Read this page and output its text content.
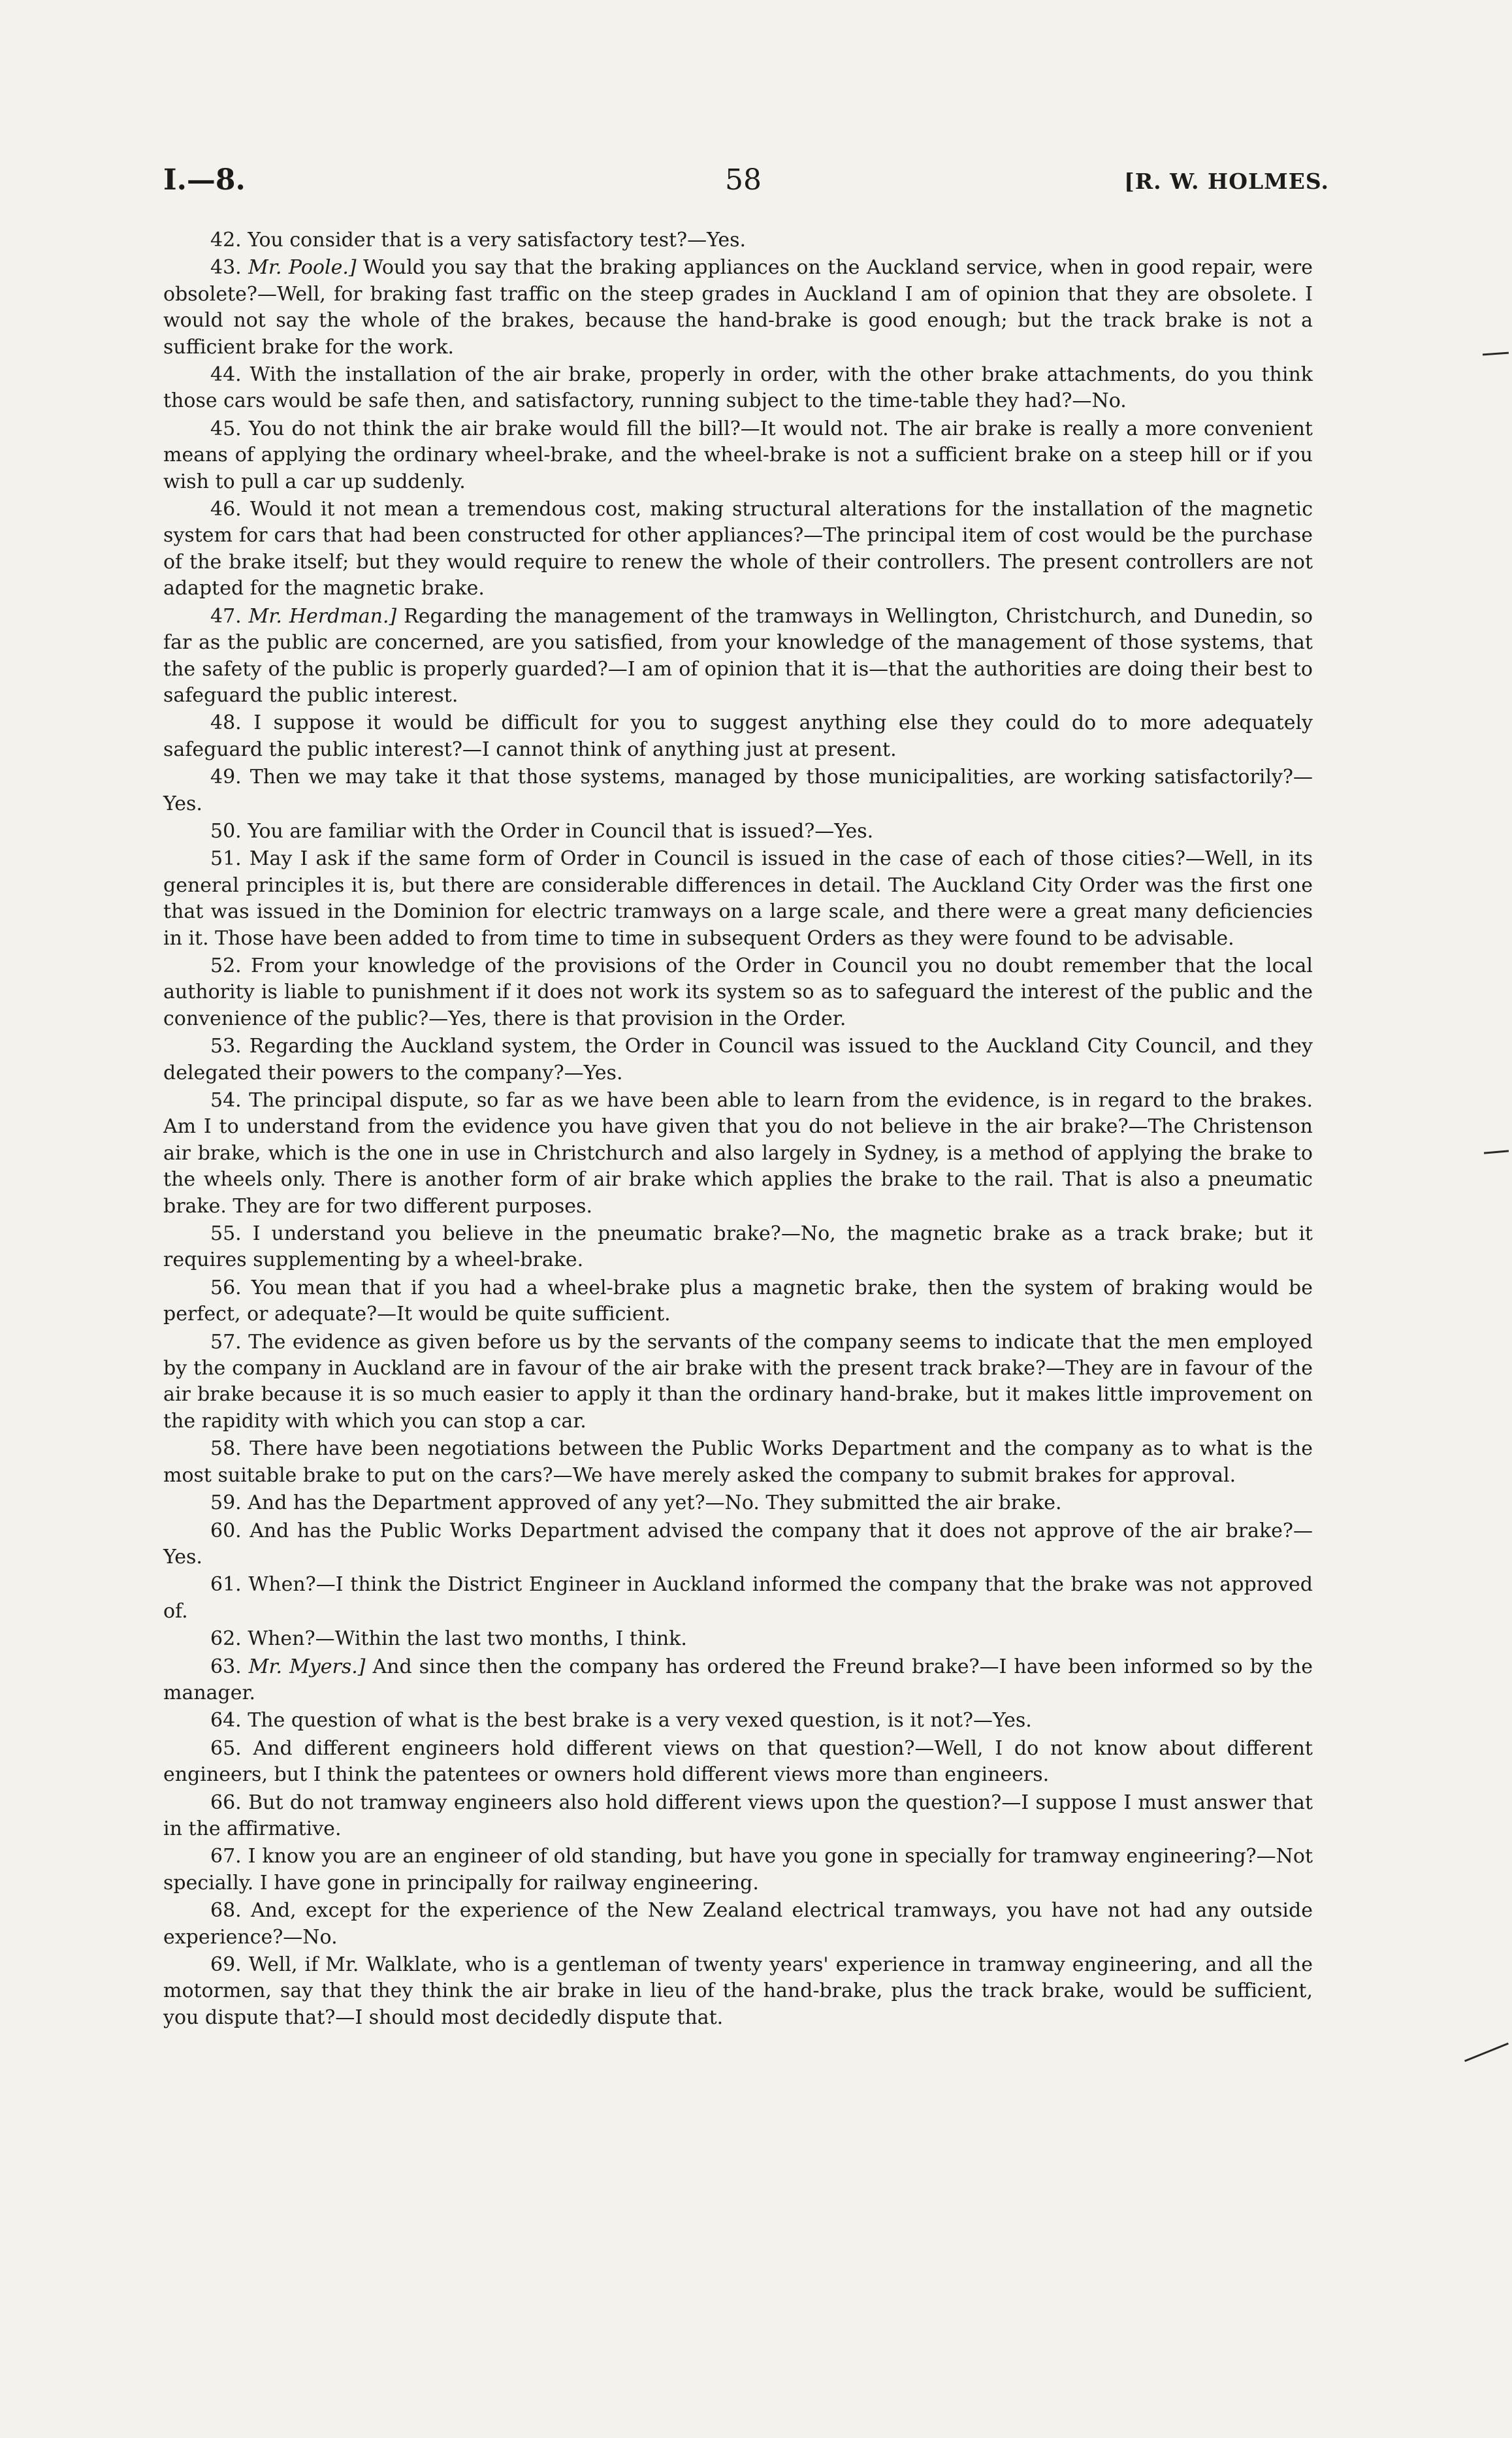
I.—8.	58	[R. W. HOLMES.

42. You consider that is a very satisfactory test?—Yes.

43. Mr. Poole.] Would you say that the braking appliances on the Auckland service, when in good repair, were obsolete?—Well, for braking fast traffic on the steep grades in Auckland I am of opinion that they are obsolete. I would not say the whole of the brakes, because the hand-brake is good enough; but the track brake is not a sufficient brake for the work.

44. With the installation of the air brake, properly in order, with the other brake attachments, do you think those cars would be safe then, and satisfactory, running subject to the time-table they had?—No.

45. You do not think the air brake would fill the bill?—It would not. The air brake is really a more convenient means of applying the ordinary wheel-brake, and the wheel-brake is not a sufficient brake on a steep hill or if you wish to pull a car up suddenly.

46. Would it not mean a tremendous cost, making structural alterations for the installation of the magnetic system for cars that had been constructed for other appliances?—The principal item of cost would be the purchase of the brake itself; but they would require to renew the whole of their controllers. The present controllers are not adapted for the magnetic brake.

47. Mr. Herdman.] Regarding the management of the tramways in Wellington, Christchurch, and Dunedin, so far as the public are concerned, are you satisfied, from your knowledge of the management of those systems, that the safety of the public is properly guarded?—I am of opinion that it is—that the authorities are doing their best to safeguard the public interest.

48. I suppose it would be difficult for you to suggest anything else they could do to more adequately safeguard the public interest?—I cannot think of anything just at present.

49. Then we may take it that those systems, managed by those municipalities, are working satisfactorily?—Yes.

50. You are familiar with the Order in Council that is issued?—Yes.

51. May I ask if the same form of Order in Council is issued in the case of each of those cities?—Well, in its general principles it is, but there are considerable differences in detail. The Auckland City Order was the first one that was issued in the Dominion for electric tramways on a large scale, and there were a great many deficiencies in it. Those have been added to from time to time in subsequent Orders as they were found to be advisable.

52. From your knowledge of the provisions of the Order in Council you no doubt remember that the local authority is liable to punishment if it does not work its system so as to safeguard the interest of the public and the convenience of the public?—Yes, there is that provision in the Order.

53. Regarding the Auckland system, the Order in Council was issued to the Auckland City Council, and they delegated their powers to the company?—Yes.

54. The principal dispute, so far as we have been able to learn from the evidence, is in regard to the brakes. Am I to understand from the evidence you have given that you do not believe in the air brake?—The Christenson air brake, which is the one in use in Christchurch and also largely in Sydney, is a method of applying the brake to the wheels only. There is another form of air brake which applies the brake to the rail. That is also a pneumatic brake. They are for two different purposes.

55. I understand you believe in the pneumatic brake?—No, the magnetic brake as a track brake; but it requires supplementing by a wheel-brake.

56. You mean that if you had a wheel-brake plus a magnetic brake, then the system of braking would be perfect, or adequate?—It would be quite sufficient.

57. The evidence as given before us by the servants of the company seems to indicate that the men employed by the company in Auckland are in favour of the air brake with the present track brake?—They are in favour of the air brake because it is so much easier to apply it than the ordinary hand-brake, but it makes little improvement on the rapidity with which you can stop a car.

58. There have been negotiations between the Public Works Department and the company as to what is the most suitable brake to put on the cars?—We have merely asked the company to submit brakes for approval.

59. And has the Department approved of any yet?—No. They submitted the air brake.

60. And has the Public Works Department advised the company that it does not approve of the air brake?—Yes.

61. When?—I think the District Engineer in Auckland informed the company that the brake was not approved of.

62. When?—Within the last two months, I think.

63. Mr. Myers.] And since then the company has ordered the Freund brake?—I have been informed so by the manager.

64. The question of what is the best brake is a very vexed question, is it not?—Yes.

65. And different engineers hold different views on that question?—Well, I do not know about different engineers, but I think the patentees or owners hold different views more than engineers.

66. But do not tramway engineers also hold different views upon the question?—I suppose I must answer that in the affirmative.

67. I know you are an engineer of old standing, but have you gone in specially for tramway engineering?—Not specially. I have gone in principally for railway engineering.

68. And, except for the experience of the New Zealand electrical tramways, you have not had any outside experience?—No.

69. Well, if Mr. Walklate, who is a gentleman of twenty years' experience in tramway engineering, and all the motormen, say that they think the air brake in lieu of the hand-brake, plus the track brake, would be sufficient, you dispute that?—I should most decidedly dispute that.
